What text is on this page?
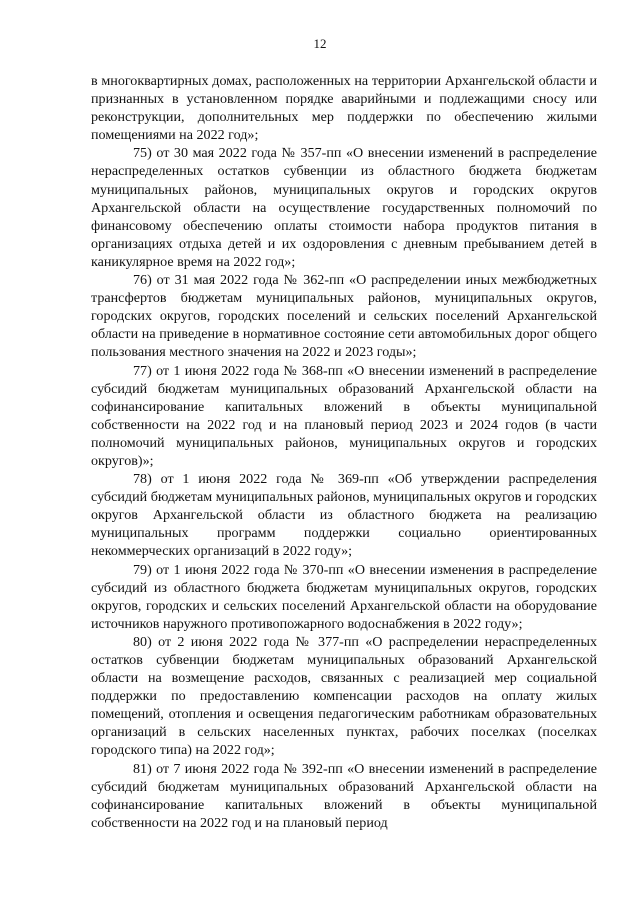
12

в многоквартирных домах, расположенных на территории Архангельской области и признанных в установленном порядке аварийными и подлежащими сносу или реконструкции, дополнительных мер поддержки по обеспечению жилыми помещениями на 2022 год»;

75) от 30 мая 2022 года № 357-пп «О внесении изменений в распределение нераспределенных остатков субвенции из областного бюджета бюджетам муниципальных районов, муниципальных округов и городских округов Архангельской области на осуществление государственных полномочий по финансовому обеспечению оплаты стоимости набора продуктов питания в организациях отдыха детей и их оздоровления с дневным пребыванием детей в каникулярное время на 2022 год»;

76) от 31 мая 2022 года № 362-пп «О распределении иных межбюджетных трансфертов бюджетам муниципальных районов, муниципальных округов, городских округов, городских поселений и сельских поселений Архангельской области на приведение в нормативное состояние сети автомобильных дорог общего пользования местного значения на 2022 и 2023 годы»;

77) от 1 июня 2022 года № 368-пп «О внесении изменений в распределение субсидий бюджетам муниципальных образований Архангельской области на софинансирование капитальных вложений в объекты муниципальной собственности на 2022 год и на плановый период 2023 и 2024 годов (в части полномочий муниципальных районов, муниципальных округов и городских округов)»;

78) от 1 июня 2022 года № 369-пп «Об утверждении распределения субсидий бюджетам муниципальных районов, муниципальных округов и городских округов Архангельской области из областного бюджета на реализацию муниципальных программ поддержки социально ориентированных некоммерческих организаций в 2022 году»;

79) от 1 июня 2022 года № 370-пп «О внесении изменения в распределение субсидий из областного бюджета бюджетам муниципальных округов, городских округов, городских и сельских поселений Архангельской области на оборудование источников наружного противопожарного водоснабжения в 2022 году»;

80) от 2 июня 2022 года № 377-пп «О распределении нераспределенных остатков субвенции бюджетам муниципальных образований Архангельской области на возмещение расходов, связанных с реализацией мер социальной поддержки по предоставлению компенсации расходов на оплату жилых помещений, отопления и освещения педагогическим работникам образовательных организаций в сельских населенных пунктах, рабочих поселках (поселках городского типа) на 2022 год»;

81) от 7 июня 2022 года № 392-пп «О внесении изменений в распределение субсидий бюджетам муниципальных образований Архангельской области на софинансирование капитальных вложений в объекты муниципальной собственности на 2022 год и на плановый период
